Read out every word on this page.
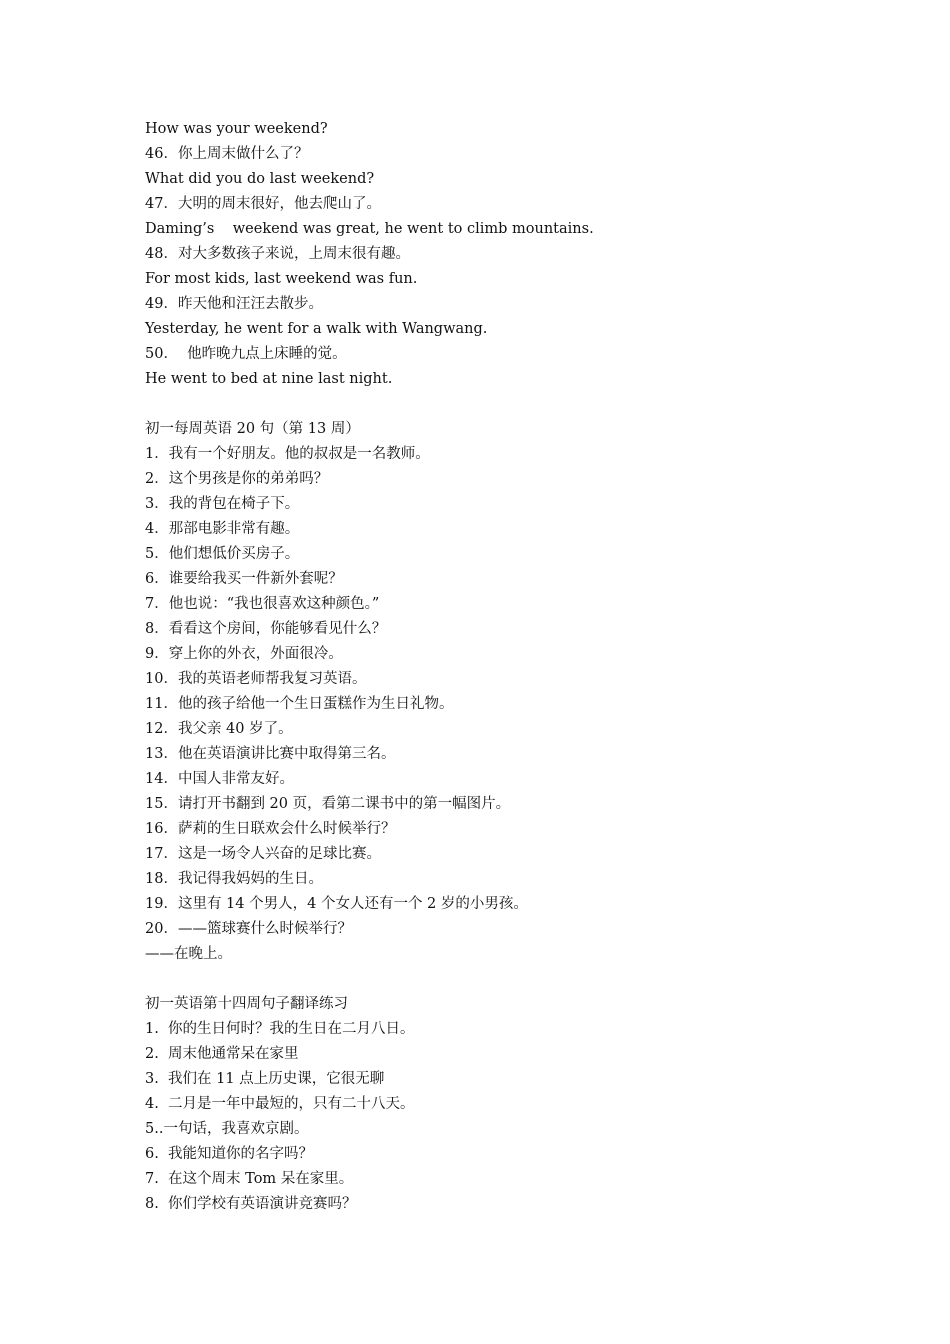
How was your weekend?
46．你上周末做什么了？
What did you do last weekend?
47．大明的周末很好，他去爬山了。
Daming’s    weekend was great, he went to climb mountains.
48．对大多数孩子来说，上周末很有趣。
For most kids, last weekend was fun.
49．昨天他和汪汪去散步。
Yesterday, he went for a walk with Wangwang.
50．  他昨晚九点上床睡的觉。
He went to bed at nine last night.
初一每周英语 20 句（第 13 周）
1．我有一个好朋友。他的叔叔是一名教师。
2．这个男孩是你的弟弟吗？
3．我的背包在椅子下。
4．那部电影非常有趣。
5．他们想低价买房子。
6．谁要给我买一件新外套呢？
7．他也说：“我也很喜欢这种颜色。”
8．看看这个房间，你能够看见什么？
9．穿上你的外衣，外面很冷。
10．我的英语老师帮我复习英语。
11．他的孩子给他一个生日蛋糕作为生日礼物。
12．我父亲 40 岁了。
13．他在英语演讲比赛中取得第三名。
14．中国人非常友好。
15．请打开书翻到 20 页，看第二课书中的第一幅图片。
16．萨莉的生日联欢会什么时候举行？
17．这是一场令人兴奋的足球比赛。
18．我记得我妈妈的生日。
19．这里有 14 个男人，4 个女人还有一个 2 岁的小男孩。
20．——篮球赛什么时候举行？
——在晚上。
初一英语第十四周句子翻译练习
1.  你的生日何时？我的生日在二月八日。
2.  周末他通常呆在家里
3.  我们在 11 点上历史课，它很无聊
4.  二月是一年中最短的，只有二十八天。
5..一句话，我喜欢京剧。
6.  我能知道你的名字吗？
7.  在这个周末 Tom 呆在家里。
8.  你们学校有英语演讲竞赛吗？
